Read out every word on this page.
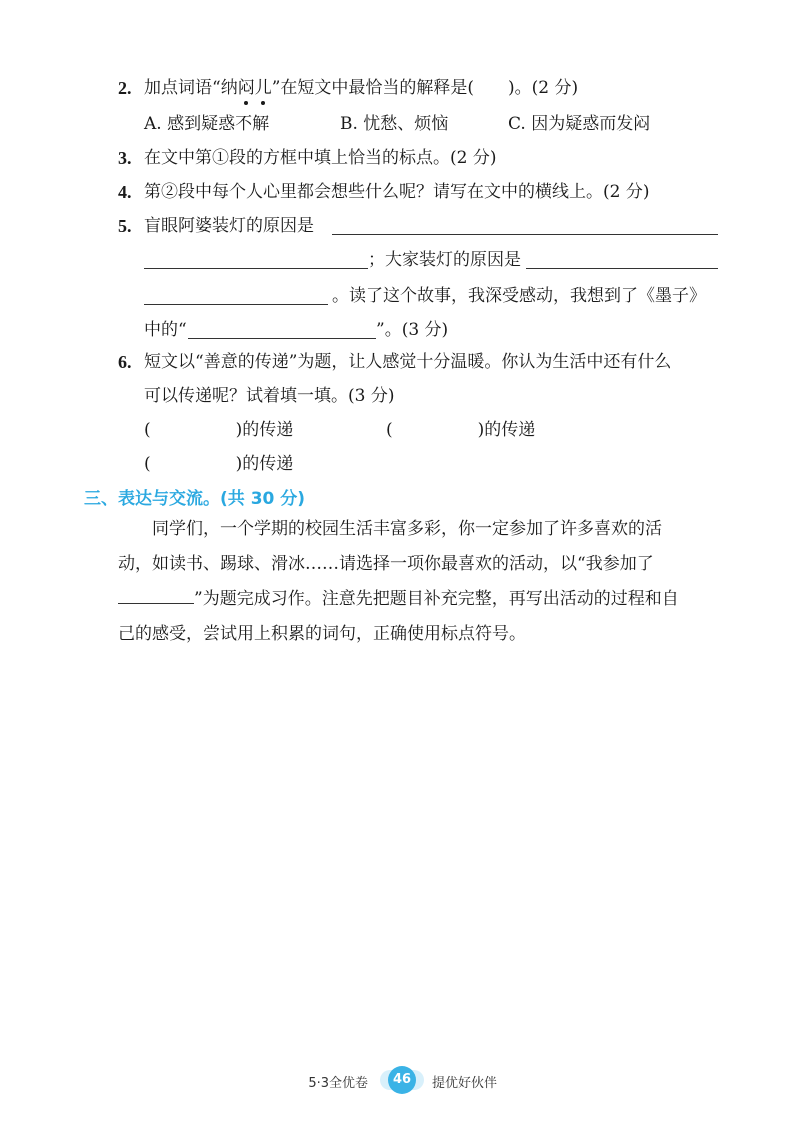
2. 加点词语“纳闷儿”在短文中最恰当的解释是(　　)。(2 分)
A. 感到疑惑不解	B. 忧愁、烦恼	C. 因为疑惑而发闷
3. 在文中第①段的方框中填上恰当的标点。(2 分)
4. 第②段中每个人心里都会想些什么呢？请写在文中的横线上。(2 分)
5. 盲眼阿婆装灯的原因是
；大家装灯的原因是
。读了这个故事，我深受感动，我想到了《墨子》
中的“	”。(3 分)
6. 短文以“善意的传递”为题，让人感觉十分温暖。你认为生活中还有什么
可以传递呢？试着填一填。(3 分)
(　　　　　)的传递	(　　　　　)的传递
(　　　　　)的传递
三、表达与交流。(共 30 分)
同学们，一个学期的校园生活丰富多彩，你一定参加了许多喜欢的活
动，如读书、踢球、滑冰……请选择一项你最喜欢的活动，以“我参加了
”为题完成习作。注意先把题目补充完整，再写出活动的过程和自
己的感受，尝试用上积累的词句，正确使用标点符号。
5·3全优卷	46	提优好伙伴
